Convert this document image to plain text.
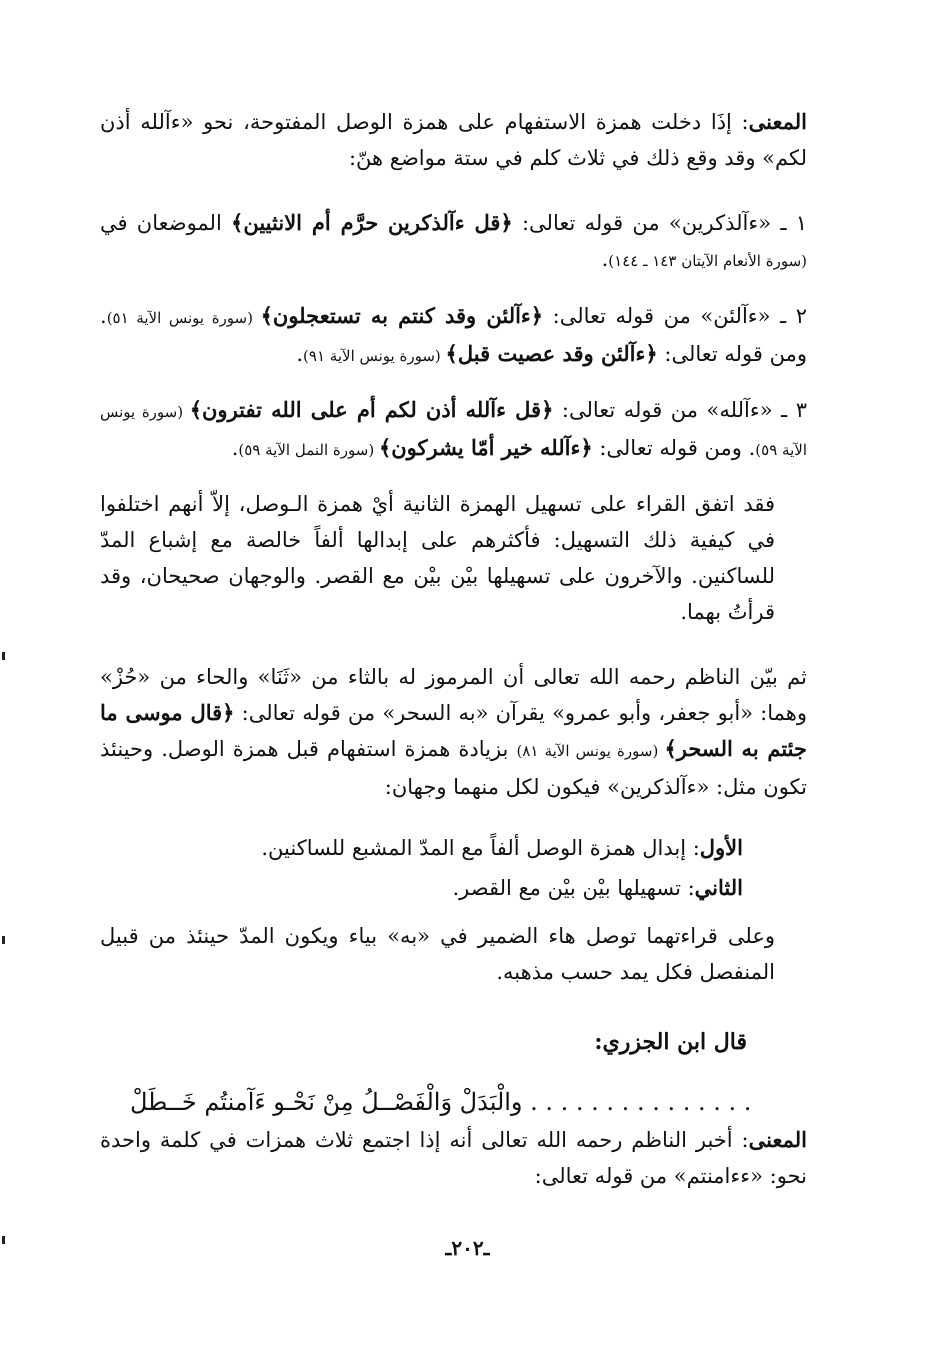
المعنى: إذَا دخلت همزة الاستفهام على همزة الوصل المفتوحة، نحو «ءآلله أذن لكم» وقد وقع ذلك في ثلاث كلم في ستة مواضع هنّ:
١ ـ «ءآلذكرين» من قوله تعالى: ﴿قل ءآلذكرين حرَّم أم الانثيين﴾ الموضعان في (سورة الأنعام الآيتان ١٤٣ ـ ١٤٤).
٢ ـ «ءآلئن» من قوله تعالى: ﴿ءآلئن وقد كنتم به تستعجلون﴾ (سورة يونس الآية ٥١). ومن قوله تعالى: ﴿ءآلئن وقد عصيت قبل﴾ (سورة يونس الآية ٩١).
٣ ـ «ءآلله» من قوله تعالى: ﴿قل ءآلله أذن لكم أم على الله تفترون﴾ (سورة يونس الآية ٥٩). ومن قوله تعالى: ﴿ءآلله خير أمّا يشركون﴾ (سورة النمل الآية ٥٩).
فقد اتفق القراء على تسهيل الهمزة الثانية أيْ همزة الـوصل، إلاّ أنهم اختلفوا في كيفية ذلك التسهيل: فأكثرهم على إبدالها ألفاً خالصة مع إشباع المدّ للساكنين. والآخرون على تسهيلها بيْن بيْن مع القصر. والوجهان صحيحان، وقد قرأتُ بهما.
ثم بيّن الناظم رحمه الله تعالى أن المرموز له بالثاء من «ثَنَا» والحاء من «حُزْ» وهما: «أبو جعفر، وأبو عمرو» يقرآن «به السحر» من قوله تعالى: ﴿قال موسى ما جئتم به السحر﴾ (سورة يونس الآية ٨١) بزيادة همزة استفهام قبل همزة الوصل. وحينئذ تكون مثل: «ءآلذكرين» فيكون لكل منهما وجهان:
الأول: إبدال همزة الوصل ألفاً مع المدّ المشبع للساكنين.
الثاني: تسهيلها بيْن بيْن مع القصر.
وعلى قراءتهما توصل هاء الضمير في «به» بياء ويكون المدّ حينئذ من قبيل المنفصل فكل يمد حسب مذهبه.
قال ابن الجزري:
. . . . . . . . . . . . . . . والْبَدَلْ وَالْفَصْــلُ مِنْ نَحْـو ءَآمنتُم خَــطَلْ
المعنى: أخبر الناظم رحمه الله تعالى أنه إذا اجتمع ثلاث همزات في كلمة واحدة نحو: «ءءامنتم» من قوله تعالى:
ـ٢٠٢ـ
